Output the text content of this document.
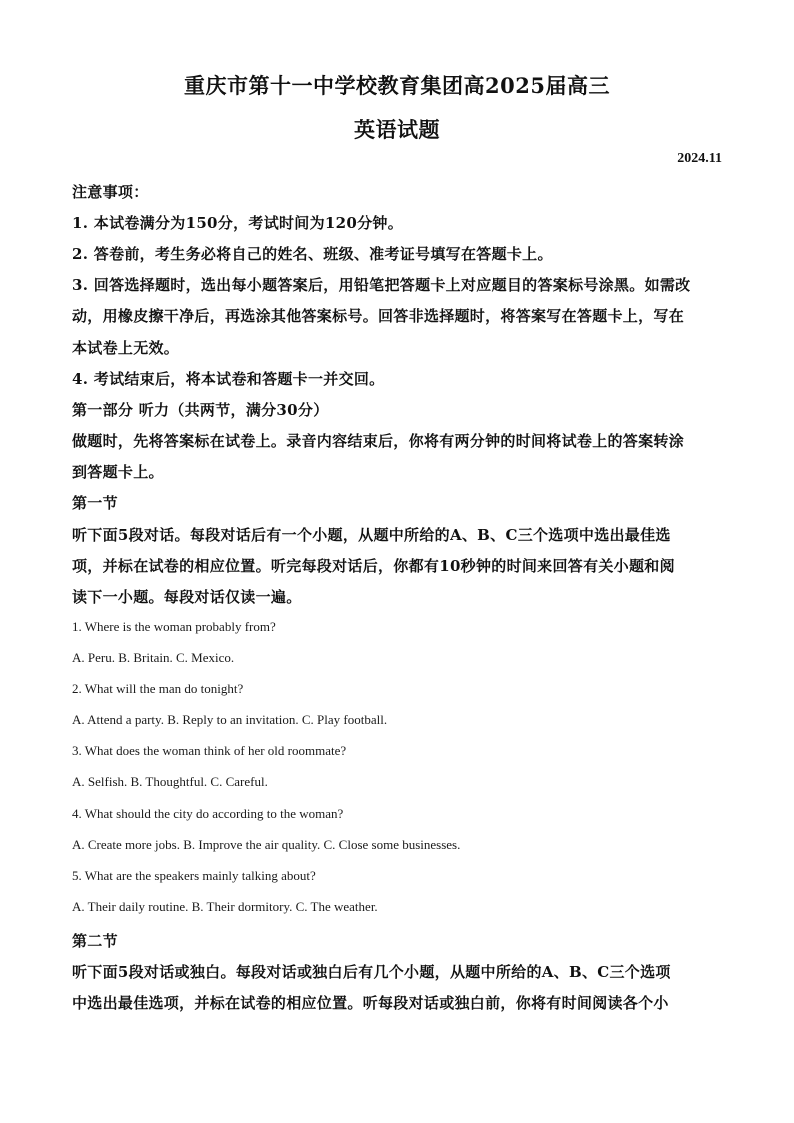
重庆市第十一中学校教育集团高2025届高三
英语试题
2024.11
注意事项：
1. 本试卷满分为150分，考试时间为120分钟。
2. 答卷前，考生务必将自己的姓名、班级、准考证号填写在答题卡上。
3. 回答选择题时，选出每小题答案后，用铅笔把答题卡上对应题目的答案标号涂黑。如需改
动，用橡皮擦干净后，再选涂其他答案标号。回答非选择题时，将答案写在答题卡上，写在
本试卷上无效。
4. 考试结束后，将本试卷和答题卡一并交回。
第一部分 听力（共两节，满分30分）
做题时，先将答案标在试卷上。录音内容结束后，你将有两分钟的时间将试卷上的答案转涂
到答题卡上。
第一节
听下面5段对话。每段对话后有一个小题，从题中所给的A、B、C三个选项中选出最佳选
项，并标在试卷的相应位置。听完每段对话后，你都有10秒钟的时间来回答有关小题和阅
读下一小题。每段对话仅读一遍。
1. Where is the woman probably from?
A. Peru. B. Britain. C. Mexico.
2. What will the man do tonight?
A. Attend a party. B. Reply to an invitation. C. Play football.
3. What does the woman think of her old roommate?
A. Selfish. B. Thoughtful. C. Careful.
4. What should the city do according to the woman?
A. Create more jobs. B. Improve the air quality. C. Close some businesses.
5. What are the speakers mainly talking about?
A. Their daily routine. B. Their dormitory. C. The weather.
第二节
听下面5段对话或独白。每段对话或独白后有几个小题，从题中所给的A、B、C三个选项
中选出最佳选项，并标在试卷的相应位置。听每段对话或独白前，你将有时间阅读各个小
